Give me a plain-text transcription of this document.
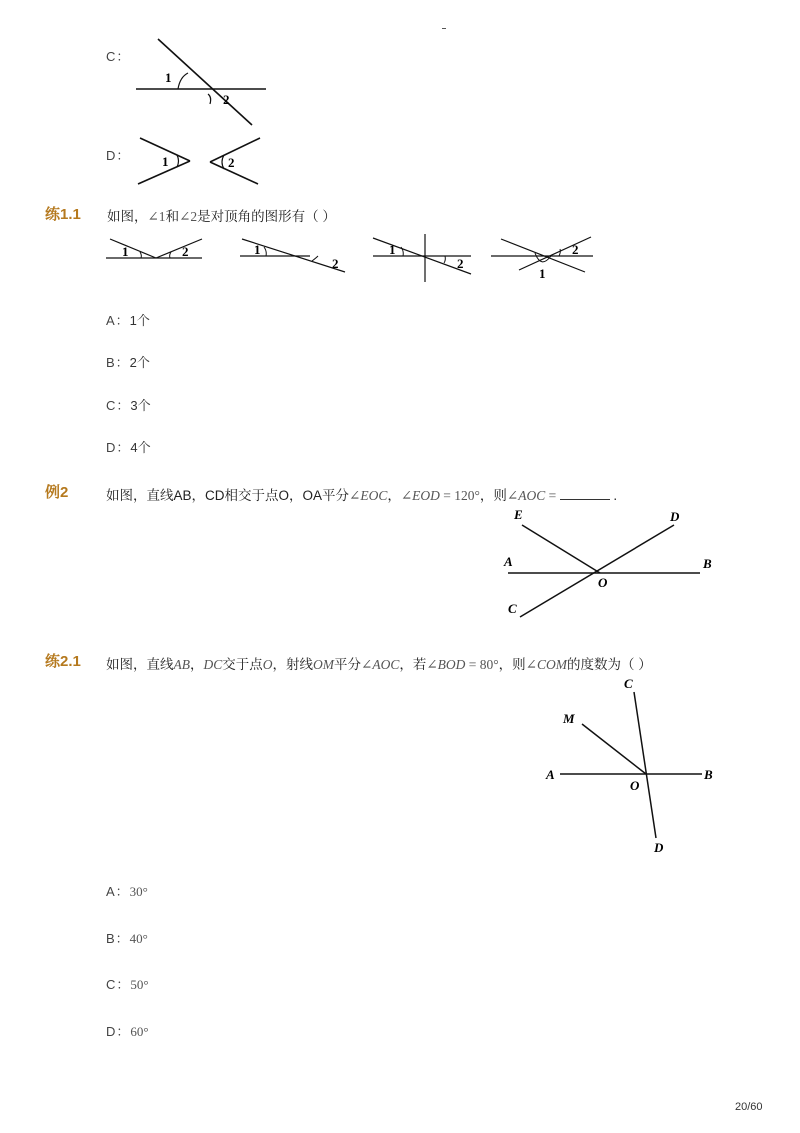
C：
1
2
D： 1	2
练1.1 如图，∠1和∠2是对顶角的图形有（ ）
1	2	1
2
1
2
2
1
A：1个
B：2个
C：3个
D：4个
例2	如图，直线AB，CD相交于点O，OA平分∠EOC，∠EOD = 120°，则∠AOC =	.
E	D
A	B
O
C
练2.1 如图，直线AB，DC交于点O，射线OM平分∠AOC，若∠BOD = 80°，则∠COM的度数为（ ）
C
M
A	B
O
D
A：30°
B：40°
C：50°
D：60°
20/60
